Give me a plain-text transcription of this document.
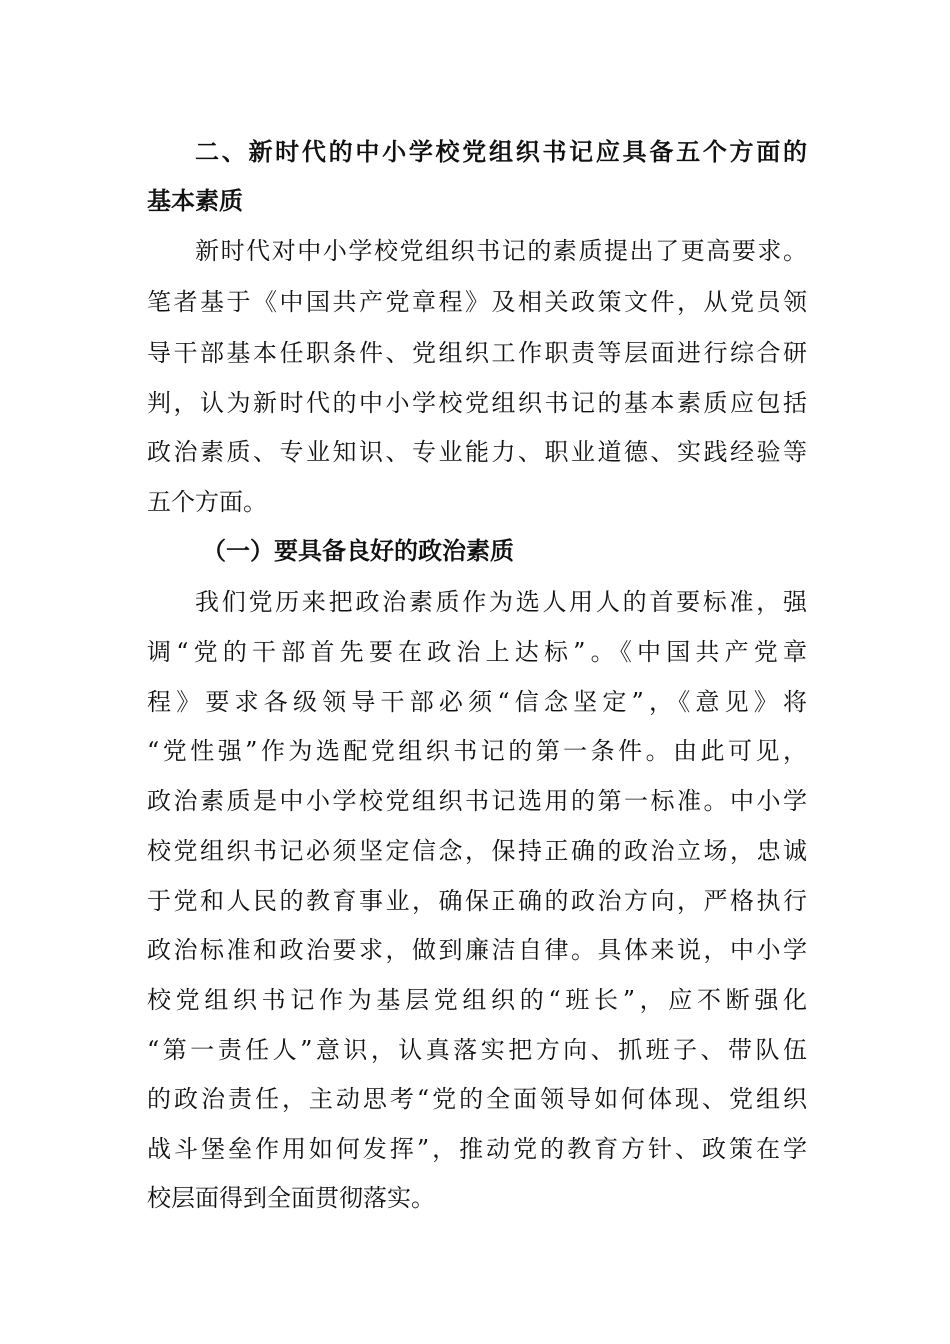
二、新时代的中小学校党组织书记应具备五个方面的
基本素质
新时代对中小学校党组织书记的素质提出了更高要求。
笔者基于《中国共产党章程》及相关政策文件，从党员领
导干部基本任职条件、党组织工作职责等层面进行综合研
判，认为新时代的中小学校党组织书记的基本素质应包括
政治素质、专业知识、专业能力、职业道德、实践经验等
五个方面。
（一）要具备良好的政治素质
我们党历来把政治素质作为选人用人的首要标准，强
调“党的干部首先要在政治上达标”。《中国共产党章
程》要求各级领导干部必须“信念坚定”，《意见》将
“党性强”作为选配党组织书记的第一条件。由此可见，
政治素质是中小学校党组织书记选用的第一标准。中小学
校党组织书记必须坚定信念，保持正确的政治立场，忠诚
于党和人民的教育事业，确保正确的政治方向，严格执行
政治标准和政治要求，做到廉洁自律。具体来说，中小学
校党组织书记作为基层党组织的“班长”，应不断强化
“第一责任人”意识，认真落实把方向、抓班子、带队伍
的政治责任，主动思考“党的全面领导如何体现、党组织
战斗堡垒作用如何发挥”，推动党的教育方针、政策在学
校层面得到全面贯彻落实。
